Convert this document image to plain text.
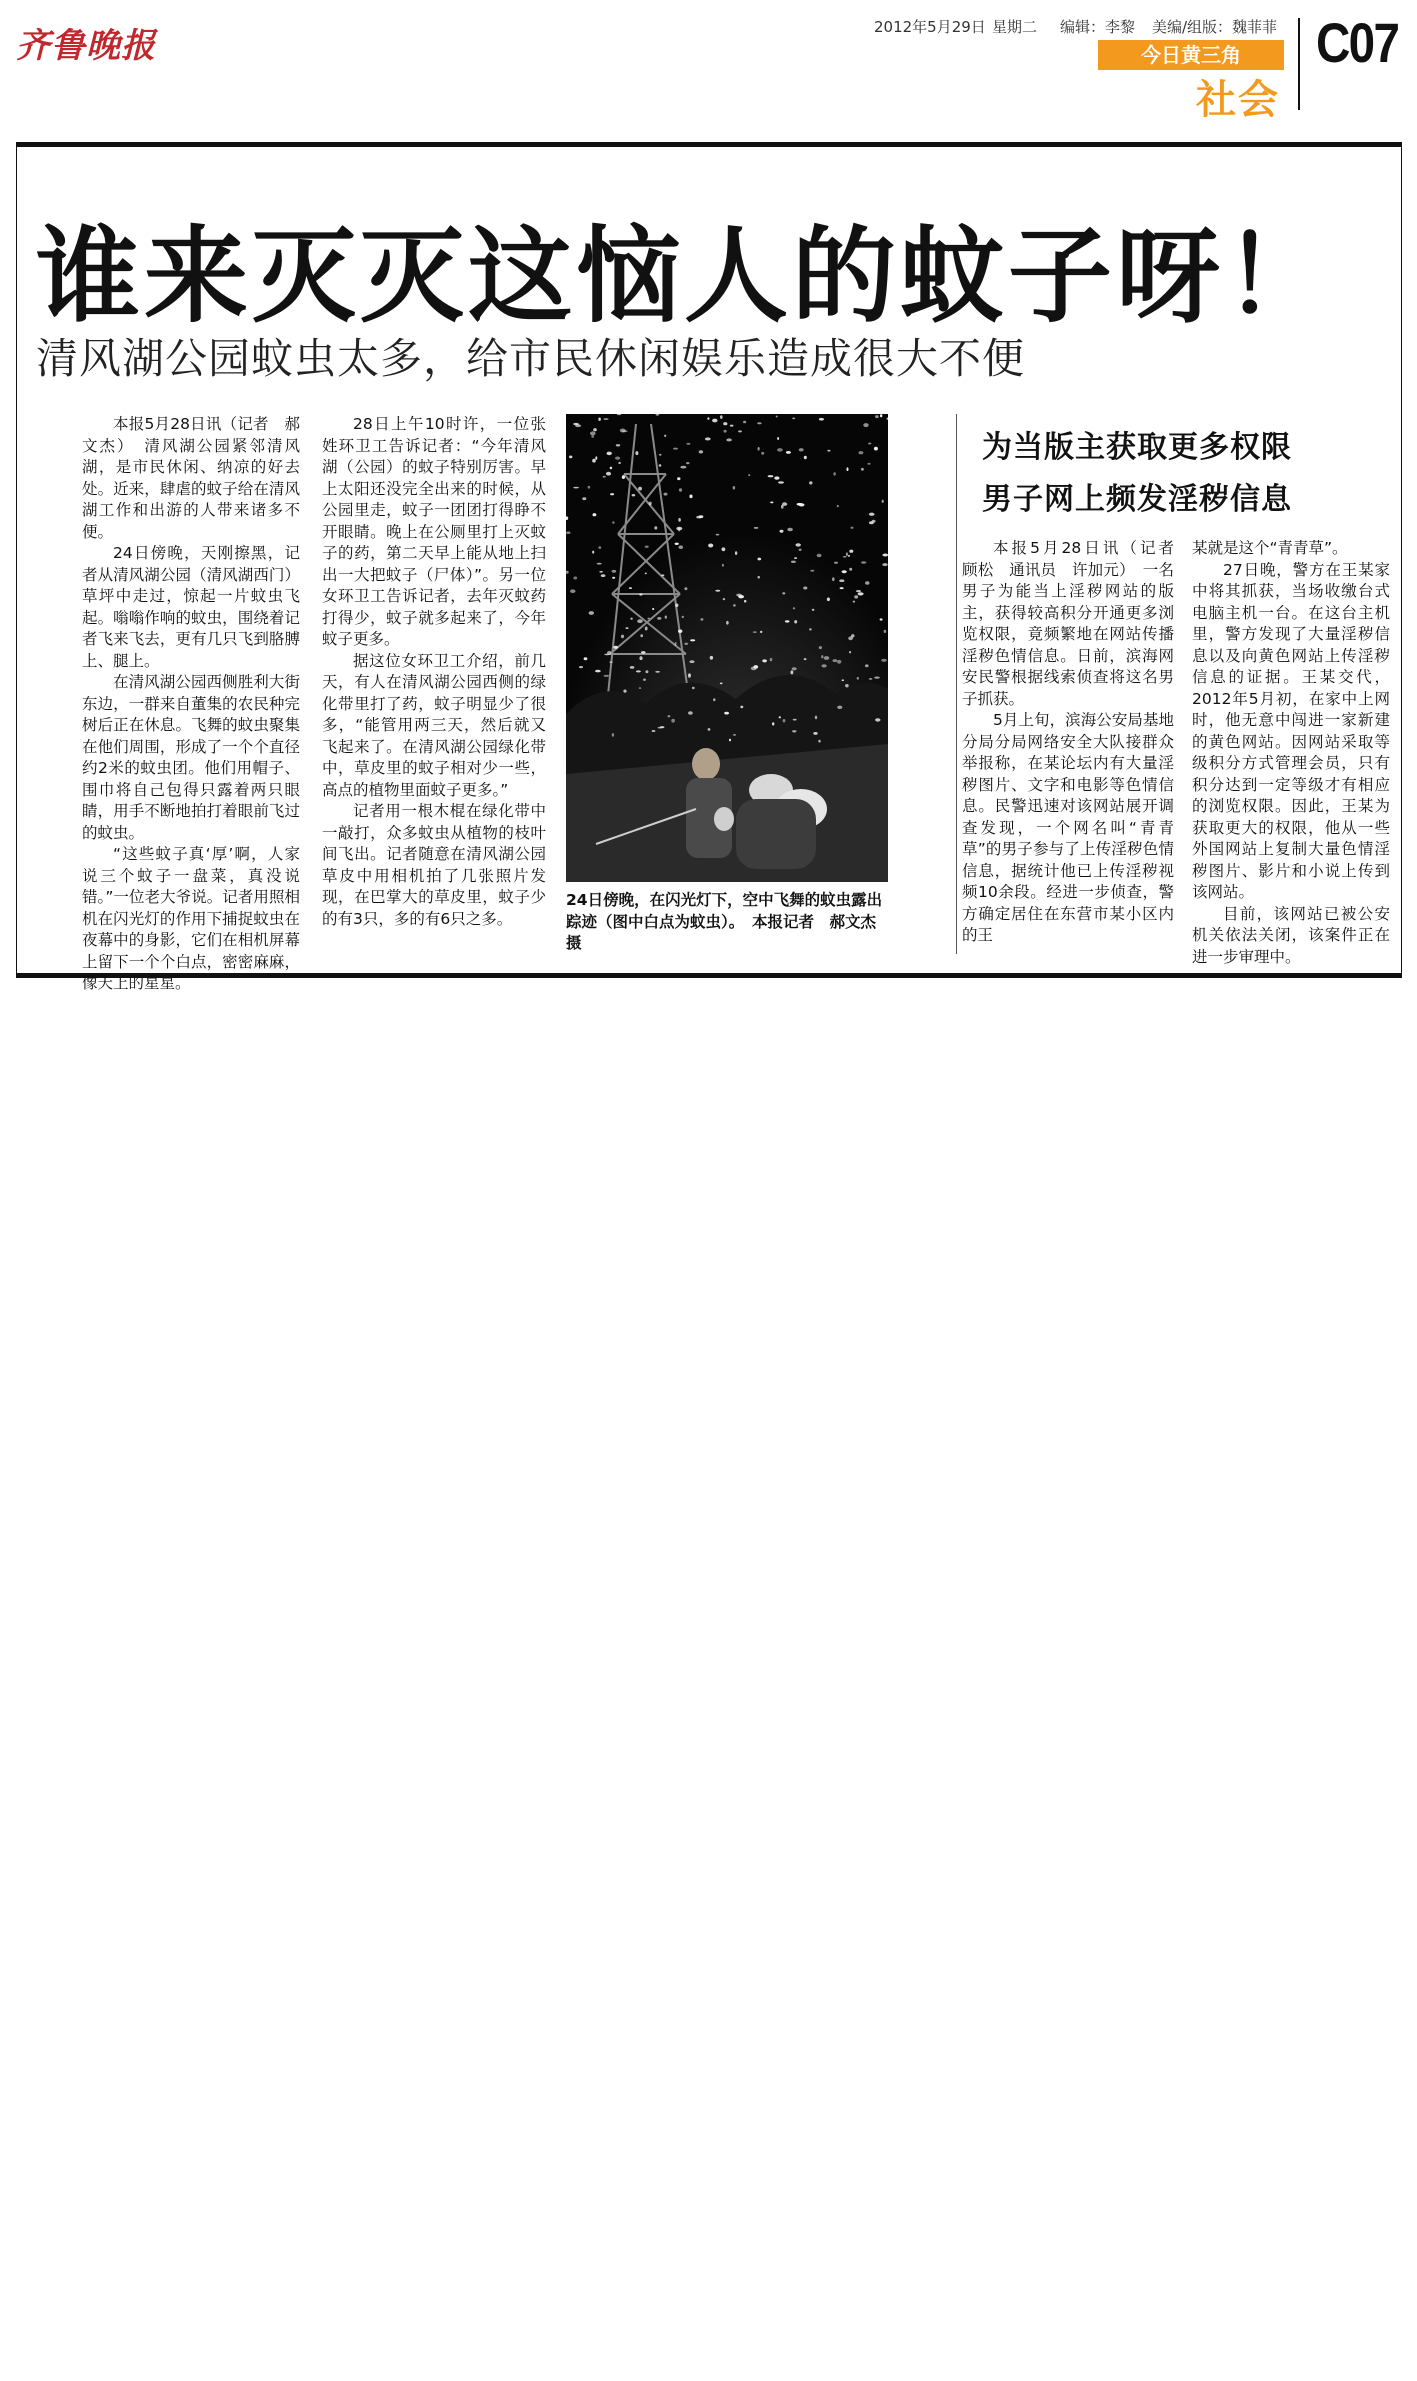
齐鲁晚报	2012年5月29日 星期二 编辑：李黎 美编/组版：魏菲菲
今日黄三角
社会
C07
谁来灭灭这恼人的蚊子呀！
清风湖公园蚊虫太多，给市民休闲娱乐造成很大不便

本报5月28日讯（记者　郝文杰）　清风湖公园紧邻清风湖，是市民休闲、纳凉的好去处。近来，肆虐的蚊子给在清风湖工作和出游的人带来诸多不便。

24日傍晚，天刚擦黑，记者从清风湖公园（清风湖西门）草坪中走过，惊起一片蚊虫飞起。嗡嗡作响的蚊虫，围绕着记者飞来飞去，更有几只飞到胳膊上、腿上。

在清风湖公园西侧胜利大街东边，一群来自董集的农民种完树后正在休息。飞舞的蚊虫聚集在他们周围，形成了一个个直径约2米的蚊虫团。他们用帽子、围巾将自己包得只露着两只眼睛，用手不断地拍打着眼前飞过的蚊虫。

“这些蚊子真‘厚’啊，人家说三个蚊子一盘菜，真没说错。”一位老大爷说。记者用照相机在闪光灯的作用下捕捉蚊虫在夜幕中的身影，它们在相机屏幕上留下一个个白点，密密麻麻，像天上的星星。

28日上午10时许，一位张姓环卫工告诉记者：“今年清风湖（公园）的蚊子特别厉害。早上太阳还没完全出来的时候，从公园里走，蚊子一团团打得睁不开眼睛。晚上在公厕里打上灭蚊子的药，第二天早上能从地上扫出一大把蚊子（尸体）”。另一位女环卫工告诉记者，去年灭蚊药打得少，蚊子就多起来了，今年蚊子更多。

据这位女环卫工介绍，前几天，有人在清风湖公园西侧的绿化带里打了药，蚊子明显少了很多，“能管用两三天，然后就又飞起来了。在清风湖公园绿化带中，草皮里的蚊子相对少一些，高点的植物里面蚊子更多。”

记者用一根木棍在绿化带中一敲打，众多蚊虫从植物的枝叶间飞出。记者随意在清风湖公园草皮中用相机拍了几张照片发现，在巴掌大的草皮里，蚊子少的有3只，多的有6只之多。

24日傍晚，在闪光灯下，空中飞舞的蚊虫露出踪迹（图中白点为蚊虫）。　本报记者　郝文杰　摄
为当版主获取更多权限
男子网上频发淫秽信息

本报5月28日讯（记者　顾松　通讯员　许加元）　一名男子为能当上淫秽网站的版主，获得较高积分开通更多浏览权限，竟频繁地在网站传播淫秽色情信息。日前，滨海网安民警根据线索侦查将这名男子抓获。

5月上旬，滨海公安局基地分局分局网络安全大队接群众举报称，在某论坛内有大量淫秽图片、文字和电影等色情信息。民警迅速对该网站展开调查发现，一个网名叫“青青草”的男子参与了上传淫秽色情信息，据统计他已上传淫秽视频10余段。经进一步侦查，警方确定居住在东营市某小区内的王

某就是这个“青青草”。

27日晚，警方在王某家中将其抓获，当场收缴台式电脑主机一台。在这台主机里，警方发现了大量淫秽信息以及向黄色网站上传淫秽信息的证据。王某交代，2012年5月初，在家中上网时，他无意中闯进一家新建的黄色网站。因网站采取等级积分方式管理会员，只有积分达到一定等级才有相应的浏览权限。因此，王某为获取更大的权限，他从一些外国网站上复制大量色情淫秽图片、影片和小说上传到该网站。

目前，该网站已被公安机关依法关闭，该案件正在进一步审理中。
